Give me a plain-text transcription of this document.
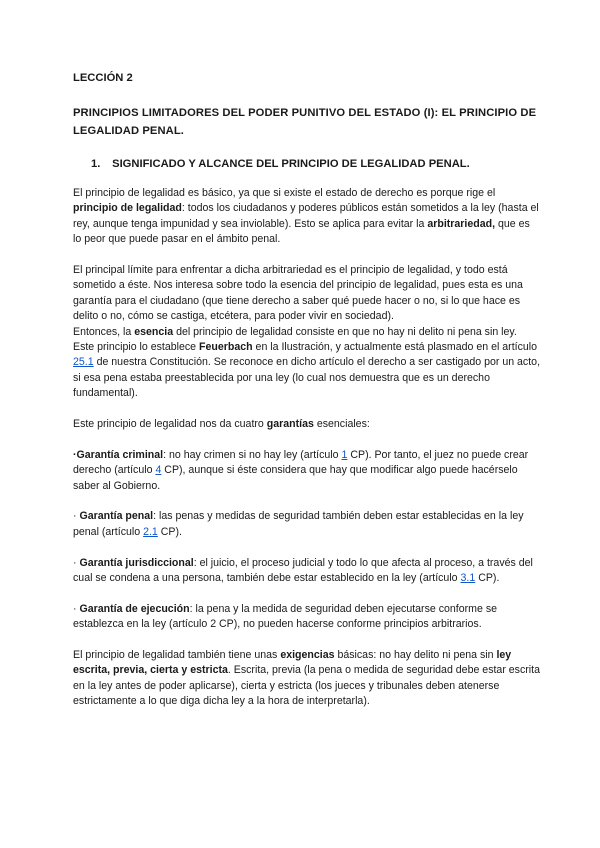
LECCIÓN 2
PRINCIPIOS LIMITADORES DEL PODER PUNITIVO DEL ESTADO (I): EL PRINCIPIO DE LEGALIDAD PENAL.
1. SIGNIFICADO Y ALCANCE DEL PRINCIPIO DE LEGALIDAD PENAL.

El principio de legalidad es básico, ya que si existe el estado de derecho es porque rige el principio de legalidad: todos los ciudadanos y poderes públicos están sometidos a la ley (hasta el rey, aunque tenga impunidad y sea inviolable). Esto se aplica para evitar la arbitrariedad, que es lo peor que puede pasar en el ámbito penal.

El principal límite para enfrentar a dicha arbitrariedad es el principio de legalidad, y todo está sometido a éste. Nos interesa sobre todo la esencia del principio de legalidad, pues esta es una garantía para el ciudadano (que tiene derecho a saber qué puede hacer o no, si lo que hace es delito o no, cómo se castiga, etcétera, para poder vivir en sociedad).

Entonces, la esencia del principio de legalidad consiste en que no hay ni delito ni pena sin ley. Este principio lo establece Feuerbach en la Ilustración, y actualmente está plasmado en el artículo 25.1 de nuestra Constitución. Se reconoce en dicho artículo el derecho a ser castigado por un acto, si esa pena estaba preestablecida por una ley (lo cual nos demuestra que es un derecho fundamental).

Este principio de legalidad nos da cuatro garantías esenciales:

·Garantía criminal: no hay crimen si no hay ley (artículo 1 CP). Por tanto, el juez no puede crear derecho (artículo 4 CP), aunque si éste considera que hay que modificar algo puede hacérselo saber al Gobierno.

· Garantía penal: las penas y medidas de seguridad también deben estar establecidas en la ley penal (artículo 2.1 CP).

· Garantía jurisdiccional: el juicio, el proceso judicial y todo lo que afecta al proceso, a través del cual se condena a una persona, también debe estar establecido en la ley (artículo 3.1 CP).

· Garantía de ejecución: la pena y la medida de seguridad deben ejecutarse conforme se establezca en la ley (artículo 2 CP), no pueden hacerse conforme principios arbitrarios.

El principio de legalidad también tiene unas exigencias básicas: no hay delito ni pena sin ley escrita, previa, cierta y estricta. Escrita, previa (la pena o medida de seguridad debe estar escrita en la ley antes de poder aplicarse), cierta y estricta (los jueces y tribunales deben atenerse estrictamente a lo que diga dicha ley a la hora de interpretarla).
